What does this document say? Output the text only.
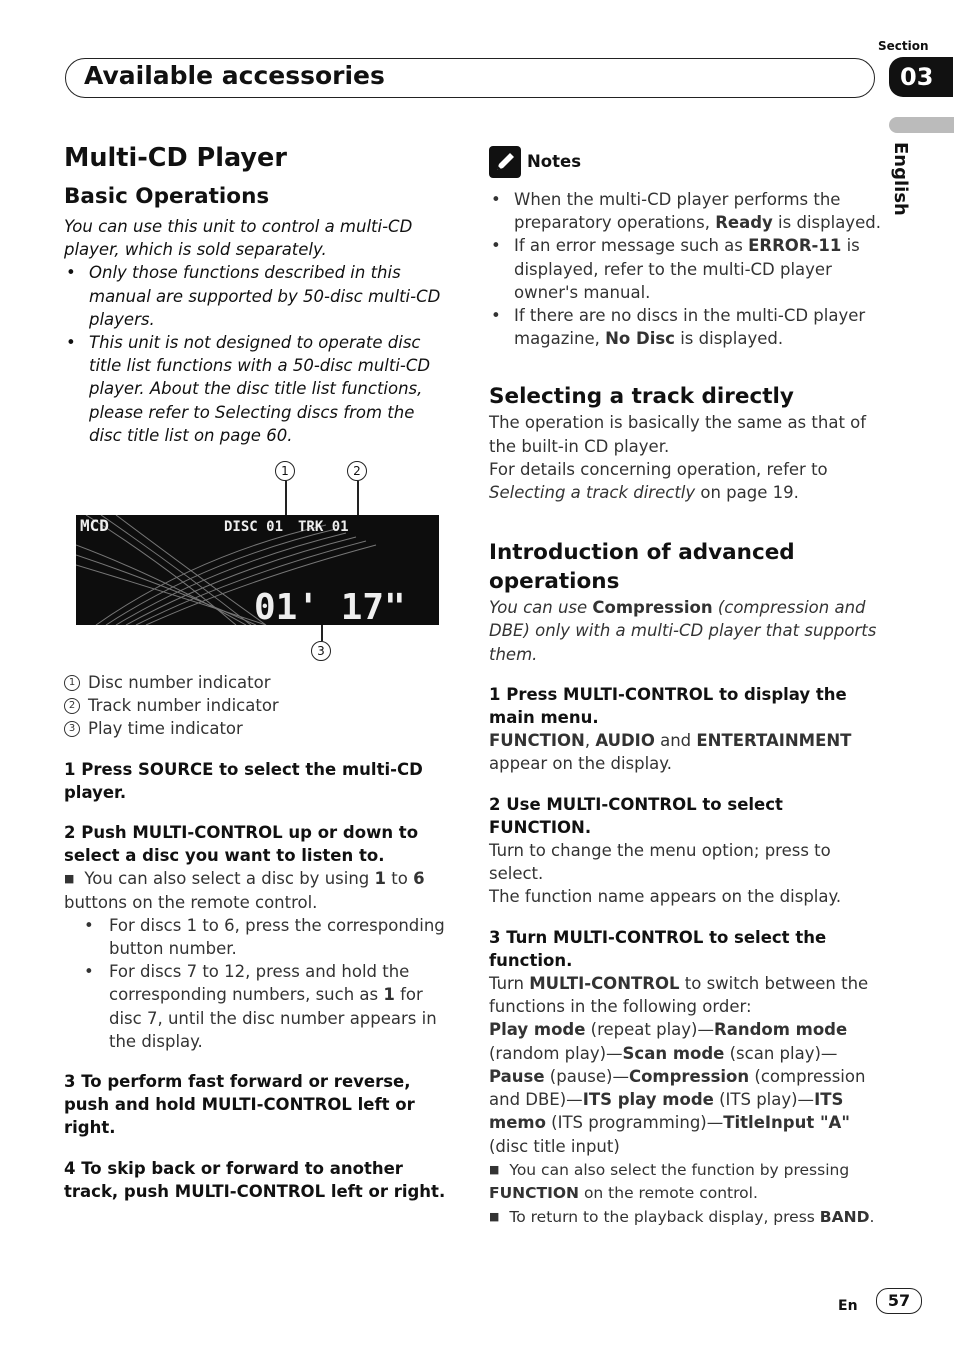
Available accessories
Section
03
English
Multi-CD Player
Basic Operations

You can use this unit to control a multi-CD player, which is sold separately.

• Only those functions described in this manual are supported by 50-disc multi-CD players.

• This unit is not designed to operate disc title list functions with a 50-disc multi-CD player. About the disc title list functions, please refer to Selecting discs from the disc title list on page 60.

1	2
MCD	DISC 01 TRK 01
01' 17"
3
1 Disc number indicator
2 Track number indicator
3 Play time indicator

1 Press SOURCE to select the multi-CD player.

2 Push MULTI-CONTROL up or down to select a disc you want to listen to.

■ You can also select a disc by using 1 to 6 buttons on the remote control.

• For discs 1 to 6, press the corresponding button number.

• For discs 7 to 12, press and hold the corresponding numbers, such as 1 for disc 7, until the disc number appears in the display.

3 To perform fast forward or reverse, push and hold MULTI-CONTROL left or right.

4 To skip back or forward to another track, push MULTI-CONTROL left or right.

Notes

• When the multi-CD player performs the preparatory operations, Ready is displayed.

• If an error message such as ERROR-11 is displayed, refer to the multi-CD player owner's manual.

• If there are no discs in the multi-CD player magazine, No Disc is displayed.

Selecting a track directly

The operation is basically the same as that of the built-in CD player.

For details concerning operation, refer to Selecting a track directly on page 19.

Introduction of advanced operations

You can use Compression (compression and DBE) only with a multi-CD player that supports them.

1 Press MULTI-CONTROL to display the main menu.

FUNCTION, AUDIO and ENTERTAINMENT appear on the display.

2 Use MULTI-CONTROL to select FUNCTION.

Turn to change the menu option; press to select.

The function name appears on the display.

3 Turn MULTI-CONTROL to select the function.

Turn MULTI-CONTROL to switch between the functions in the following order:

Play mode (repeat play)—Random mode (random play)—Scan mode (scan play)—Pause (pause)—Compression (compression and DBE)—ITS play mode (ITS play)—ITS memo (ITS programming)—TitleInput "A" (disc title input)

■ You can also select the function by pressing FUNCTION on the remote control.

■ To return to the playback display, press BAND.

En	57
